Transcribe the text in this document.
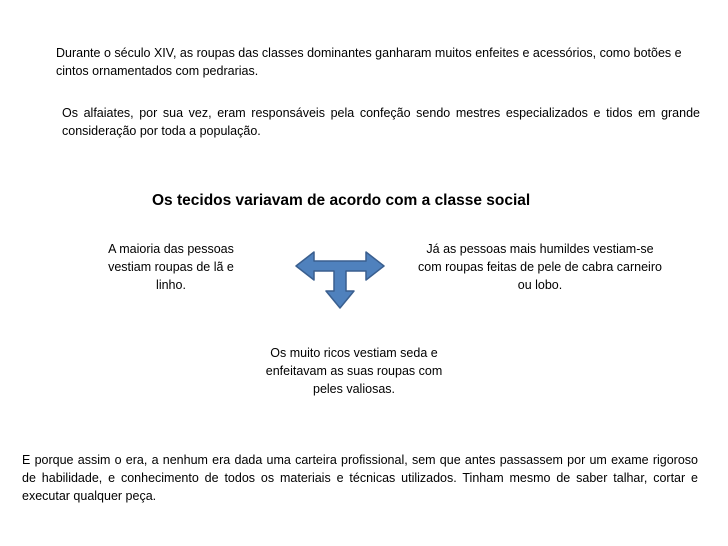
Durante o século XIV, as roupas das classes dominantes ganharam muitos enfeites e acessórios, como botões e cintos ornamentados com pedrarias.

Os alfaiates, por sua vez, eram responsáveis pela confeção sendo mestres especializados e tidos em grande consideração por toda a população.

Os tecidos variavam de acordo com a classe social
A maioria das pessoas vestiam roupas de lã e linho.
Já as pessoas mais humildes vestiam-se com roupas feitas de pele de cabra carneiro ou lobo.
Os muito ricos vestiam seda e enfeitavam as suas roupas com peles valiosas.

E porque assim o era, a nenhum era dada uma carteira profissional, sem que antes passassem por um exame rigoroso de habilidade, e conhecimento de todos os materiais e técnicas utilizados. Tinham mesmo de saber talhar, cortar e executar qualquer peça.
